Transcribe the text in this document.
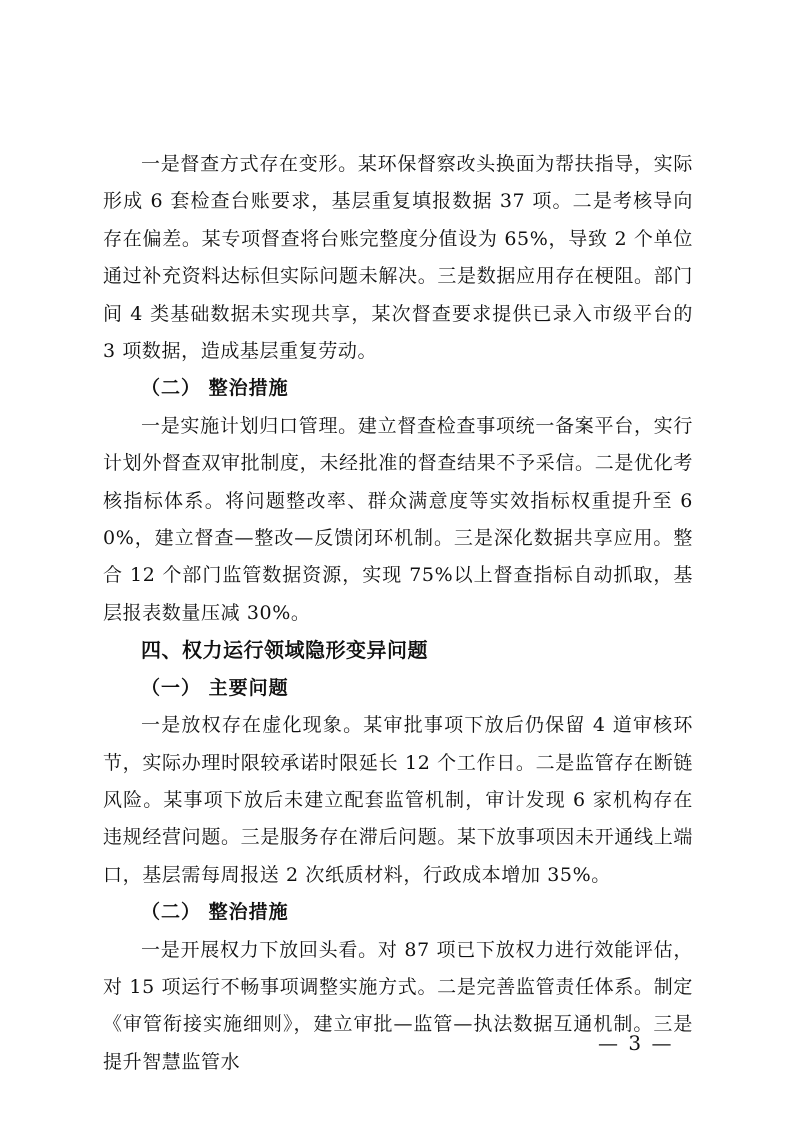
一是督查方式存在变形。某环保督察改头换面为帮扶指导，实际形成 6 套检查台账要求，基层重复填报数据 37 项。二是考核导向存在偏差。某专项督查将台账完整度分值设为 65%，导致 2 个单位通过补充资料达标但实际问题未解决。三是数据应用存在梗阻。部门间 4 类基础数据未实现共享，某次督查要求提供已录入市级平台的 3 项数据，造成基层重复劳动。

（二） 整治措施

一是实施计划归口管理。建立督查检查事项统一备案平台，实行计划外督查双审批制度，未经批准的督查结果不予采信。二是优化考核指标体系。将问题整改率、群众满意度等实效指标权重提升至 60%，建立督查—整改—反馈闭环机制。三是深化数据共享应用。整合 12 个部门监管数据资源，实现 75%以上督查指标自动抓取，基层报表数量压减 30%。

四、权力运行领域隐形变异问题

（一） 主要问题

一是放权存在虚化现象。某审批事项下放后仍保留 4 道审核环节，实际办理时限较承诺时限延长 12 个工作日。二是监管存在断链风险。某事项下放后未建立配套监管机制，审计发现 6 家机构存在违规经营问题。三是服务存在滞后问题。某下放事项因未开通线上端口，基层需每周报送 2 次纸质材料，行政成本增加 35%。

（二） 整治措施

一是开展权力下放回头看。对 87 项已下放权力进行效能评估，对 15 项运行不畅事项调整实施方式。二是完善监管责任体系。制定《审管衔接实施细则》，建立审批—监管—执法数据互通机制。三是提升智慧监管水

— 3 —
